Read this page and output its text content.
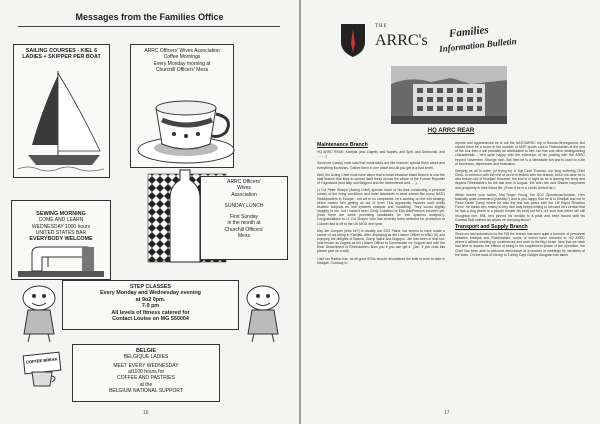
Messages from the Families Office
SAILING COURSES - KIEL 6
LADIES + SKIPPER PER BOAT
ARRC Officers' Wives Association
Coffee Mornings
Every Monday morning at
Churchill Officers' Mess
SEWING MORNING
COME AND LEARN
WEDNESDAY 1000 hours
UNITED STATES BAR
EVERYBODY WELCOME
ARRC Officers'
Wives
Association
SUNDAY LUNCH
First Sunday
in the month at
Churchill Officers'
Mess
STEP CLASSES
Every Monday and Wednesday evening
at 9o2 0pm.
7-9 pm
All levels of fitness catered for
Contact Louise on MG 550004
COFFEE BREAK
BELGIE
BELGIQUE LADIES
MEET EVERY WEDNESDAY
at1100 hours for
COFFEE AND PASTRIES
at the
BELGIUM NATIONAL SUPPORT
16
THE
ARRC's Families
Information Bulletin
HQ ARRC REAR
Maintenance Branch

HQ ARRC REAR, Kiseljak (and Zagreb, and Naples, and Split, and Dubrovnik, and .........)

Someone (nasty) once said that moderators are like manure; spread them about and everything flourishes. Gather them in one place and all you get is a bad smell.

Well, the Acting Chief must have taken that to heart because Maint Branch is now the staff branch that likes to spread itself thinly across the whole of the Former Republic of Yugoslavia (and Italy and Belgium and the Netherlands and......).

Lt Col Peter Sharpe (Acting Chief) spends much of his time conducting a personal survey of the living conditions and hotel standards in what seems like every NATO Headquarters in Europe - but we're no complaints, he's working on the exit strategy which means he's getting us out of here! This apparently involves such mildly esoteric subjects as 'exit systems analysis' and 'modelling'. They sound slightly naughty to me, but I haven't seen Cindy Crawford or Ella MacPherson involved yet. (Now there are some promising candidates for 'exit systems analysis'!). Congratulations to Lt Col Sharpe who has recently been selected for promotion to Colonel and is off to the UK MOD next year.

Maj Jim Jumpan (who he?) is usually our SO2 Plans, but seems to have made a career of not being in Kiseljak. After deploying as the Liaison Officer to MND (S) and enjoying the delights of Bosnia, Gornji Vakuf and Bugojno. Jim has been in that hot-hole known as Zagreb as the Liaison Officer to Commander for Support and with the Rear Detachment in Rheindahlen. Now you if you can get it. (Jan, if you read this please give us a call).

Capt Ian Railton has, as all good SO3s should, shouldered the bulk of work to date in Kiseljak. Contrary to

reports and appearances he is not the NATO/ARRC rep in Bosnia-Herzegovina. But should there be a boom in the number of MGP sports cars in Rheindahlen at the end of the tour then it will probably be attributable to him. Ian has one other distinguishing characteristic - he's quite happy with the extension of his posting with the ARRC beyond November. Strange man. But then he is a Newcastle fan and is used to a life of loneliness, depression and frustration.

Keeping us all in order (or trying to) is Sgt Cecil Thomas, our long suffering Chief Clerk. In common with the rest of us he is tedium with the branch, but in his case he is also tedium out of Kiseljak! However, the end is in sight as he is leaving the army and departs Rheindahlen for the last time in August. We wish him and Sharon happiness and prosperity in their future life. (Even if he is a Leeds United fan.)

Which leaves your scribe, Maj Roger Young, the SO2 Operations/Aviation. He's basically quite contented (possibly?) and is just happy that he is in Kiseljak and not in Pleso Death Camp where he was the first two years with the Lift Rapid Reaction Force. He thinks he's mainly a very nice lady keeps writing to him and he's certain that he has a dog (there is a picture beside his bed) but he's not sure that either will still recognise him. Still, he's pinned his medals to a plate and been issued with his Combat Skill uniform so what's he worrying about?

Transport and Supply Branch

Since our last submission to the FIB the branch has seen quite a turnover of personnel between Kiseljak and Rheindahlen, some of whom have returned to HQ ARRC where'd utilized meeting up conferences and work in the Big House. Now that we have had time to assess the effects of being in the supplement phase of the operation, the Chief has been able to welcome attendance at a number of meetings by members of the team. On the back of his trip to Turkey Capt Gwilym Vaughan has taken

17
